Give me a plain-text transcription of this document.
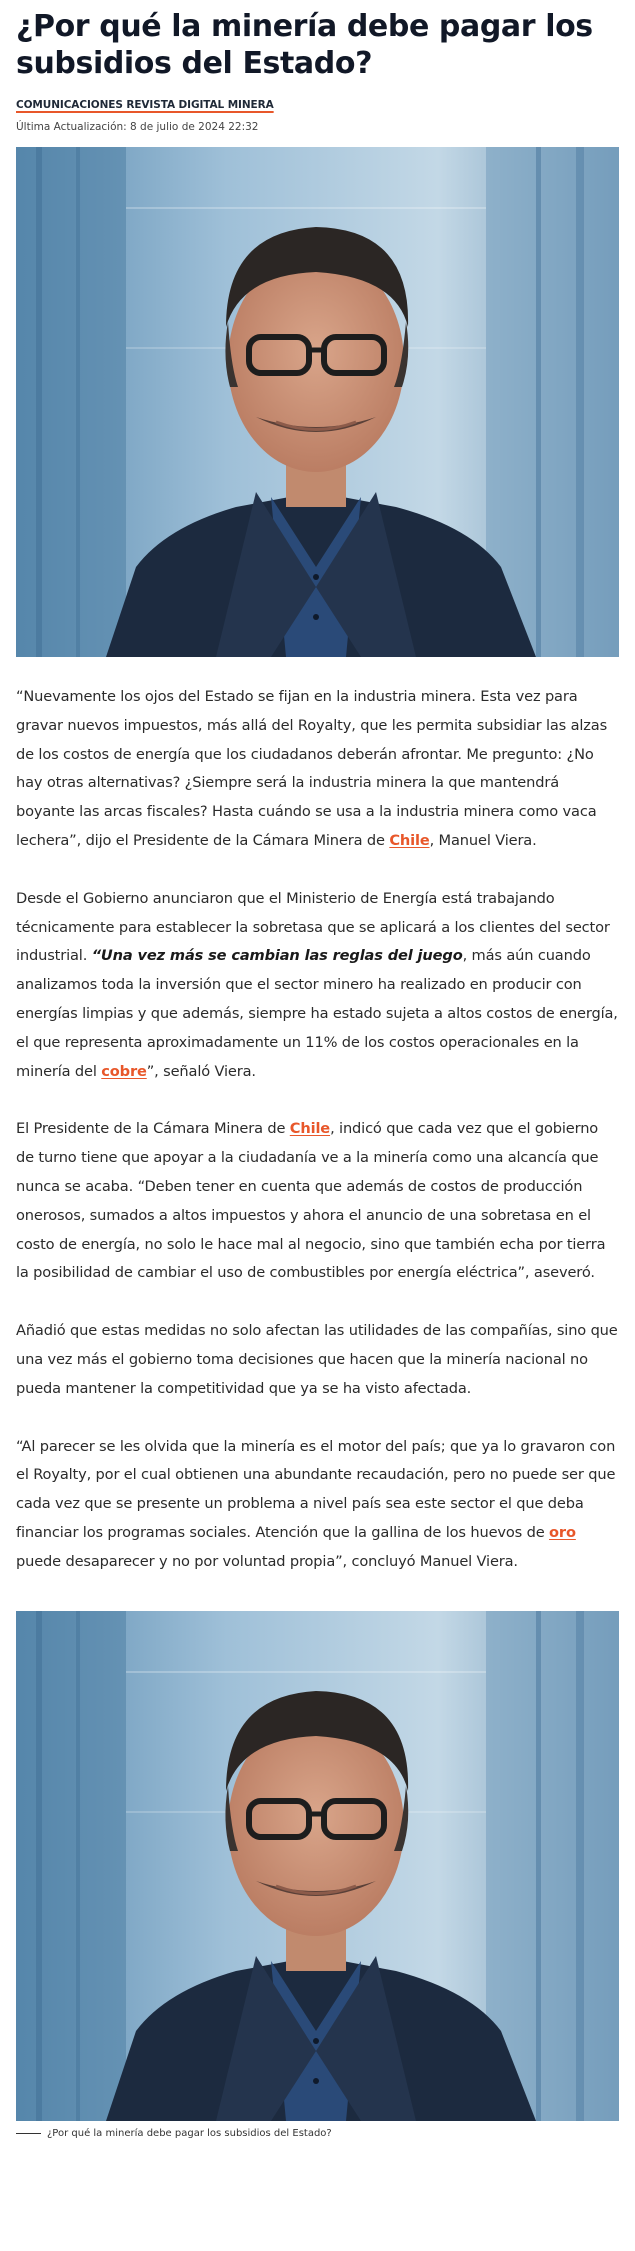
¿Por qué la minería debe pagar los subsidios del Estado?
COMUNICACIONES REVISTA DIGITAL MINERA
Última Actualización: 8 de julio de 2024 22:32

“Nuevamente los ojos del Estado se fijan en la industria minera. Esta vez para gravar nuevos impuestos, más allá del Royalty, que les permita subsidiar las alzas de los costos de energía que los ciudadanos deberán afrontar. Me pregunto: ¿No hay otras alternativas? ¿Siempre será la industria minera la que mantendrá boyante las arcas fiscales? Hasta cuándo se usa a la industria minera como vaca lechera”, dijo el Presidente de la Cámara Minera de Chile, Manuel Viera.

Desde el Gobierno anunciaron que el Ministerio de Energía está trabajando técnicamente para establecer la sobretasa que se aplicará a los clientes del sector industrial. “Una vez más se cambian las reglas del juego, más aún cuando analizamos toda la inversión que el sector minero ha realizado en producir con energías limpias y que además, siempre ha estado sujeta a altos costos de energía, el que representa aproximadamente un 11% de los costos operacionales en la minería del cobre”, señaló Viera.

El Presidente de la Cámara Minera de Chile, indicó que cada vez que el gobierno de turno tiene que apoyar a la ciudadanía ve a la minería como una alcancía que nunca se acaba. “Deben tener en cuenta que además de costos de producción onerosos, sumados a altos impuestos y ahora el anuncio de una sobretasa en el costo de energía, no solo le hace mal al negocio, sino que también echa por tierra la posibilidad de cambiar el uso de combustibles por energía eléctrica”, aseveró.

Añadió que estas medidas no solo afectan las utilidades de las compañías, sino que una vez más el gobierno toma decisiones que hacen que la minería nacional no pueda mantener la competitividad que ya se ha visto afectada.

“Al parecer se les olvida que la minería es el motor del país; que ya lo gravaron con el Royalty, por el cual obtienen una abundante recaudación, pero no puede ser que cada vez que se presente un problema a nivel país sea este sector el que deba financiar los programas sociales. Atención que la gallina de los huevos de oro puede desaparecer y no por voluntad propia”, concluyó Manuel Viera.

¿Por qué la minería debe pagar los subsidios del Estado?
